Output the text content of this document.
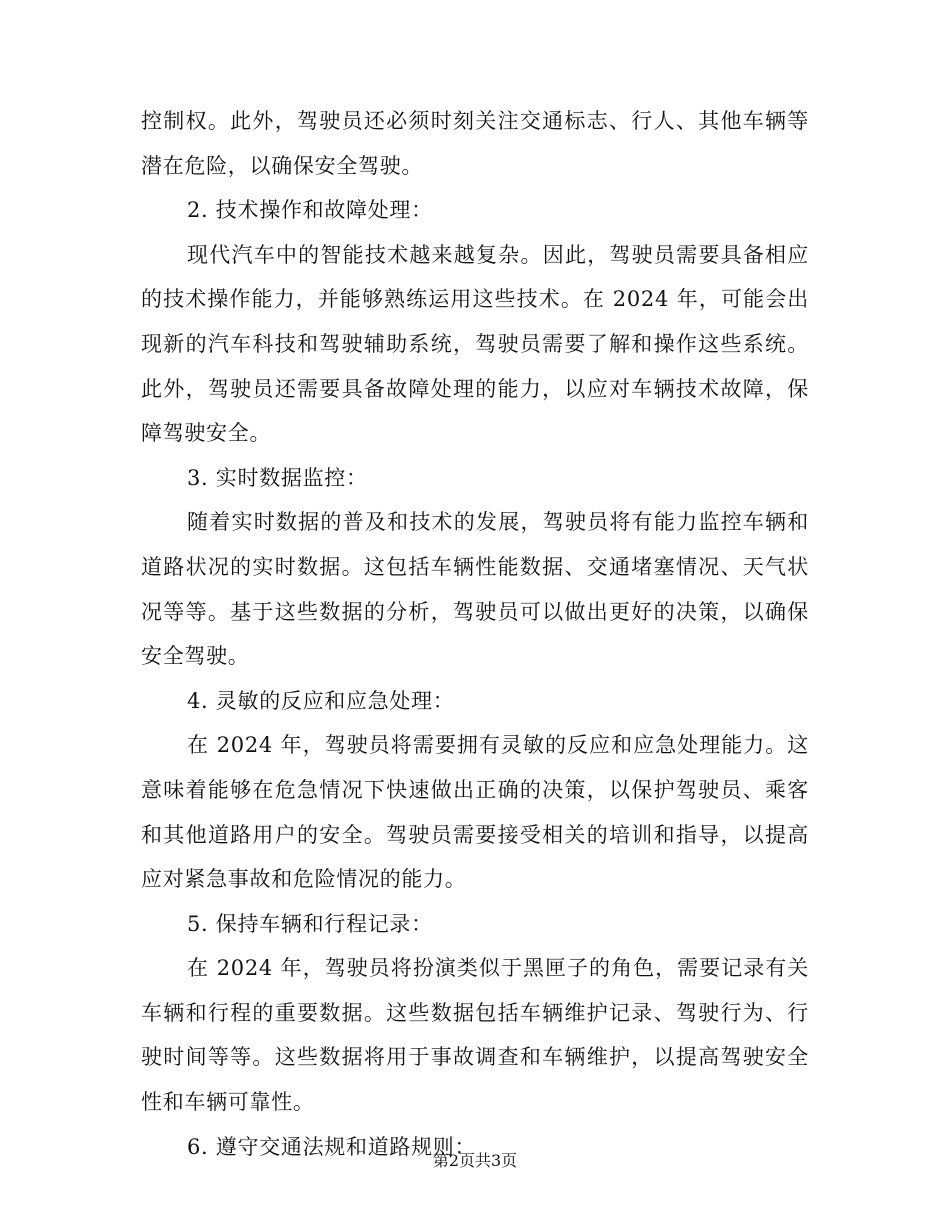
控制权。此外，驾驶员还必须时刻关注交通标志、行人、其他车辆等潜在危险，以确保安全驾驶。

2. 技术操作和故障处理：

现代汽车中的智能技术越来越复杂。因此，驾驶员需要具备相应的技术操作能力，并能够熟练运用这些技术。在 2024 年，可能会出现新的汽车科技和驾驶辅助系统，驾驶员需要了解和操作这些系统。此外，驾驶员还需要具备故障处理的能力，以应对车辆技术故障，保障驾驶安全。

3. 实时数据监控：

随着实时数据的普及和技术的发展，驾驶员将有能力监控车辆和道路状况的实时数据。这包括车辆性能数据、交通堵塞情况、天气状况等等。基于这些数据的分析，驾驶员可以做出更好的决策，以确保安全驾驶。

4. 灵敏的反应和应急处理：

在 2024 年，驾驶员将需要拥有灵敏的反应和应急处理能力。这意味着能够在危急情况下快速做出正确的决策，以保护驾驶员、乘客和其他道路用户的安全。驾驶员需要接受相关的培训和指导，以提高应对紧急事故和危险情况的能力。

5. 保持车辆和行程记录：

在 2024 年，驾驶员将扮演类似于黑匣子的角色，需要记录有关车辆和行程的重要数据。这些数据包括车辆维护记录、驾驶行为、行驶时间等等。这些数据将用于事故调查和车辆维护，以提高驾驶安全性和车辆可靠性。

6. 遵守交通法规和道路规则：

第2页共3页
